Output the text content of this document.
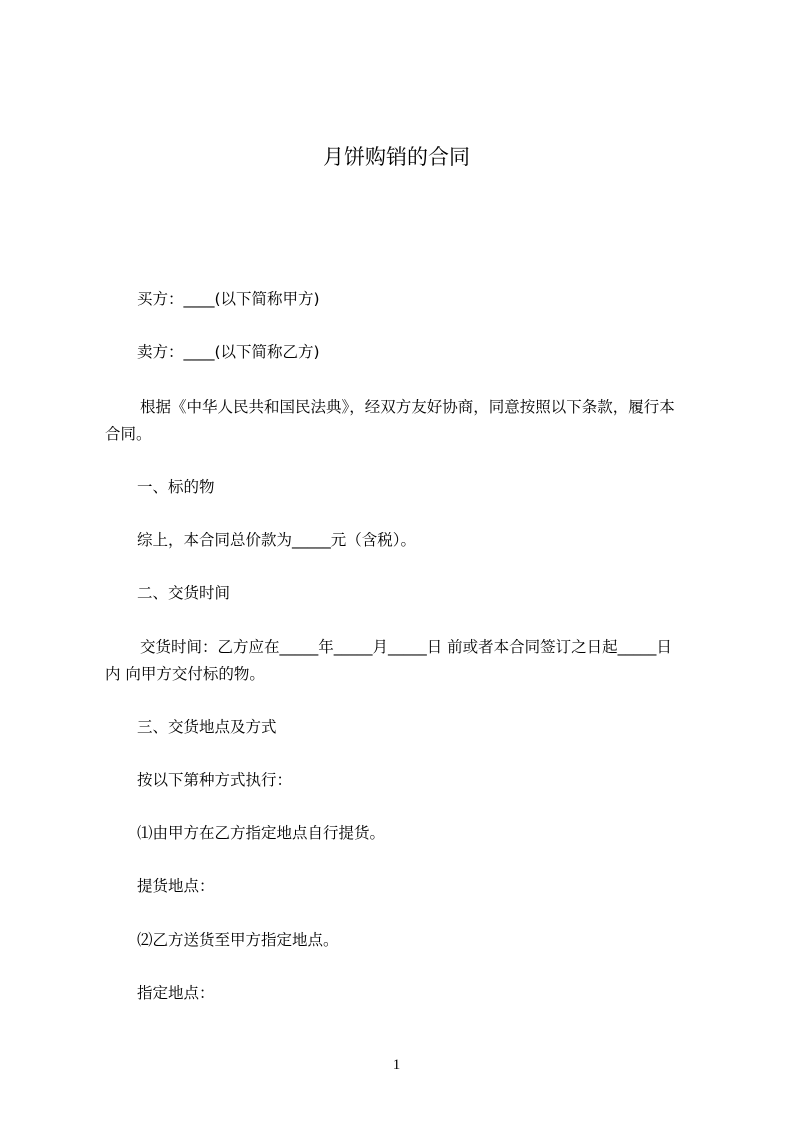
月饼购销的合同
买方：____(以下简称甲方)
卖方：____(以下简称乙方)
根据《中华人民共和国民法典》，经双方友好协商，同意按照以下条款，履行本
合同。
一、标的物
综上，本合同总价款为_____元（含税）。
二、交货时间
交货时间：乙方应在_____年_____月_____日 前或者本合同签订之日起_____日
内 向甲方交付标的物。
三、交货地点及方式
按以下第种方式执行：
⑴由甲方在乙方指定地点自行提货。
提货地点：
⑵乙方送货至甲方指定地点。
指定地点：
1
